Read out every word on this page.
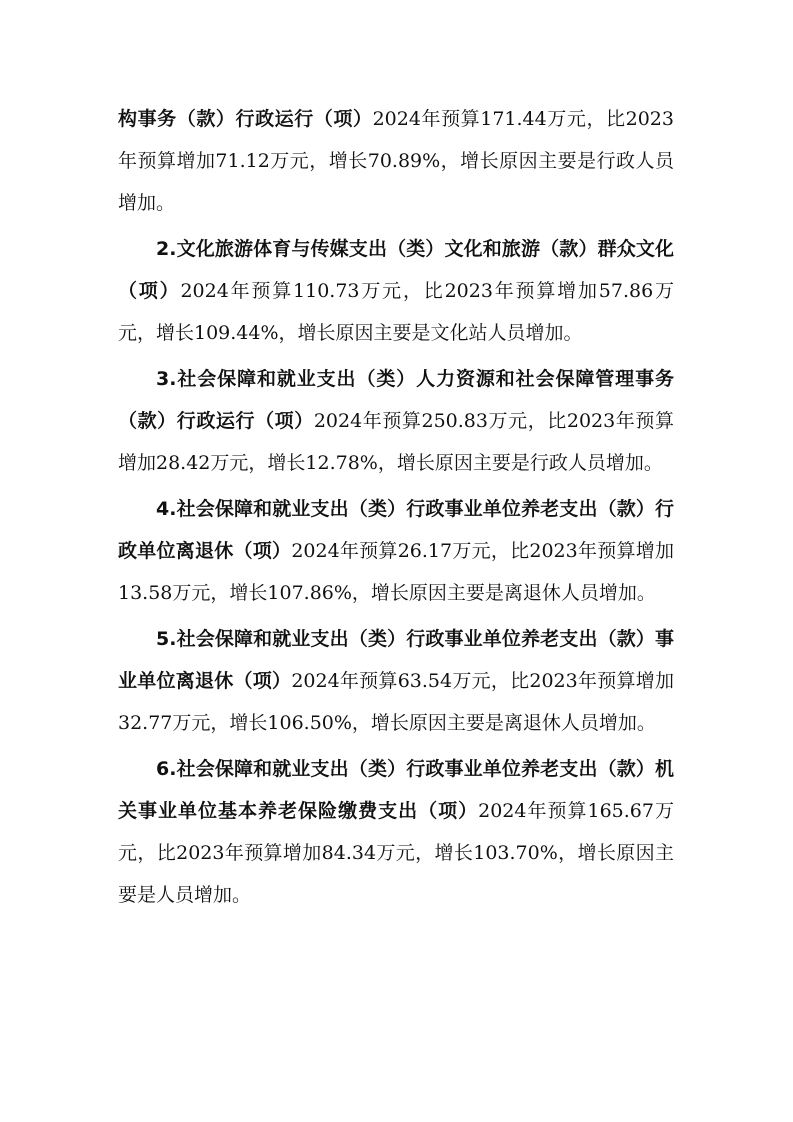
构事务（款）行政运行（项）2024年预算171.44万元，比2023年预算增加71.12万元，增长70.89%，增长原因主要是行政人员增加。

2.文化旅游体育与传媒支出（类）文化和旅游（款）群众文化（项）2024年预算110.73万元，比2023年预算增加57.86万元，增长109.44%，增长原因主要是文化站人员增加。

3.社会保障和就业支出（类）人力资源和社会保障管理事务（款）行政运行（项）2024年预算250.83万元，比2023年预算增加28.42万元，增长12.78%，增长原因主要是行政人员增加。

4.社会保障和就业支出（类）行政事业单位养老支出（款）行政单位离退休（项）2024年预算26.17万元，比2023年预算增加13.58万元，增长107.86%，增长原因主要是离退休人员增加。

5.社会保障和就业支出（类）行政事业单位养老支出（款）事业单位离退休（项）2024年预算63.54万元，比2023年预算增加32.77万元，增长106.50%，增长原因主要是离退休人员增加。

6.社会保障和就业支出（类）行政事业单位养老支出（款）机关事业单位基本养老保险缴费支出（项）2024年预算165.67万元，比2023年预算增加84.34万元，增长103.70%，增长原因主要是人员增加。
